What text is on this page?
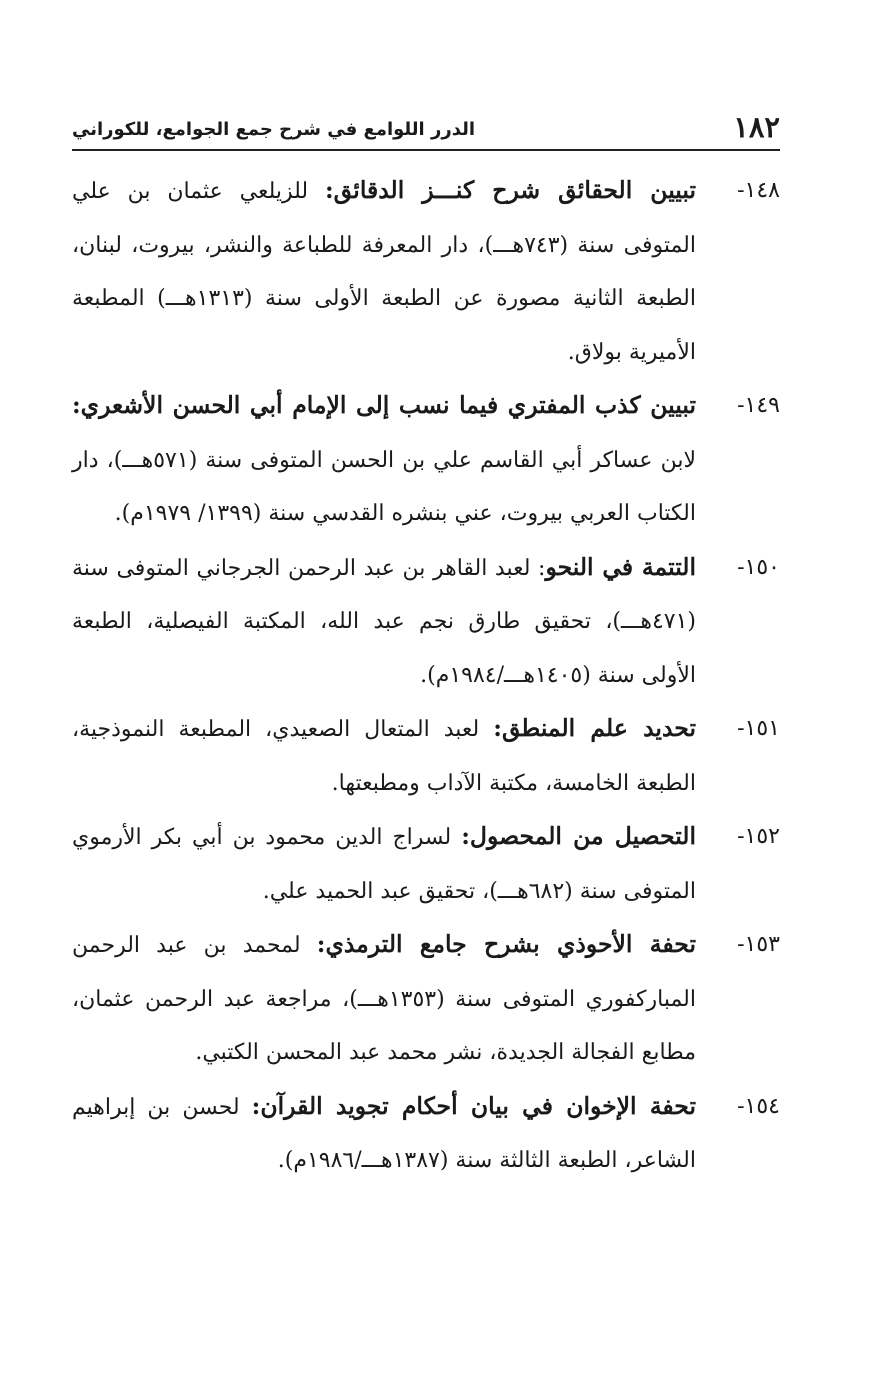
١٨٢
الدرر اللوامع في شرح جمع الجوامع، للكوراني
١٤٨-
تبيين الحقائق شرح كنـــز الدقائق: للزيلعي عثمان بن علي المتوفى سنة (٧٤٣هـــ)، دار المعرفة للطباعة والنشر، بيروت، لبنان، الطبعة الثانية مصورة عن الطبعة الأولى سنة (١٣١٣هـــ) المطبعة الأميرية بولاق.
١٤٩-
تبيين كذب المفتري فيما نسب إلى الإمام أبي الحسن الأشعري: لابن عساكر أبي القاسم علي بن الحسن المتوفى سنة (٥٧١هـــ)، دار الكتاب العربي بيروت، عني بنشره القدسي سنة (١٣٩٩/ ١٩٧٩م).
١٥٠-
التتمة في النحو: لعبد القاهر بن عبد الرحمن الجرجاني المتوفى سنة (٤٧١هـــ)، تحقيق طارق نجم عبد الله، المكتبة الفيصلية، الطبعة الأولى سنة (١٤٠٥هـــ/١٩٨٤م).
١٥١-
تحديد علم المنطق: لعبد المتعال الصعيدي، المطبعة النموذجية، الطبعة الخامسة، مكتبة الآداب ومطبعتها.
١٥٢-
التحصيل من المحصول: لسراج الدين محمود بن أبي بكر الأرموي المتوفى سنة (٦٨٢هـــ)، تحقيق عبد الحميد علي.
١٥٣-
تحفة الأحوذي بشرح جامع الترمذي: لمحمد بن عبد الرحمن المباركفوري المتوفى سنة (١٣٥٣هـــ)، مراجعة عبد الرحمن عثمان، مطابع الفجالة الجديدة، نشر محمد عبد المحسن الكتبي.
١٥٤-
تحفة الإخوان في بيان أحكام تجويد القرآن: لحسن بن إبراهيم الشاعر، الطبعة الثالثة سنة (١٣٨٧هـــ/١٩٨٦م).
